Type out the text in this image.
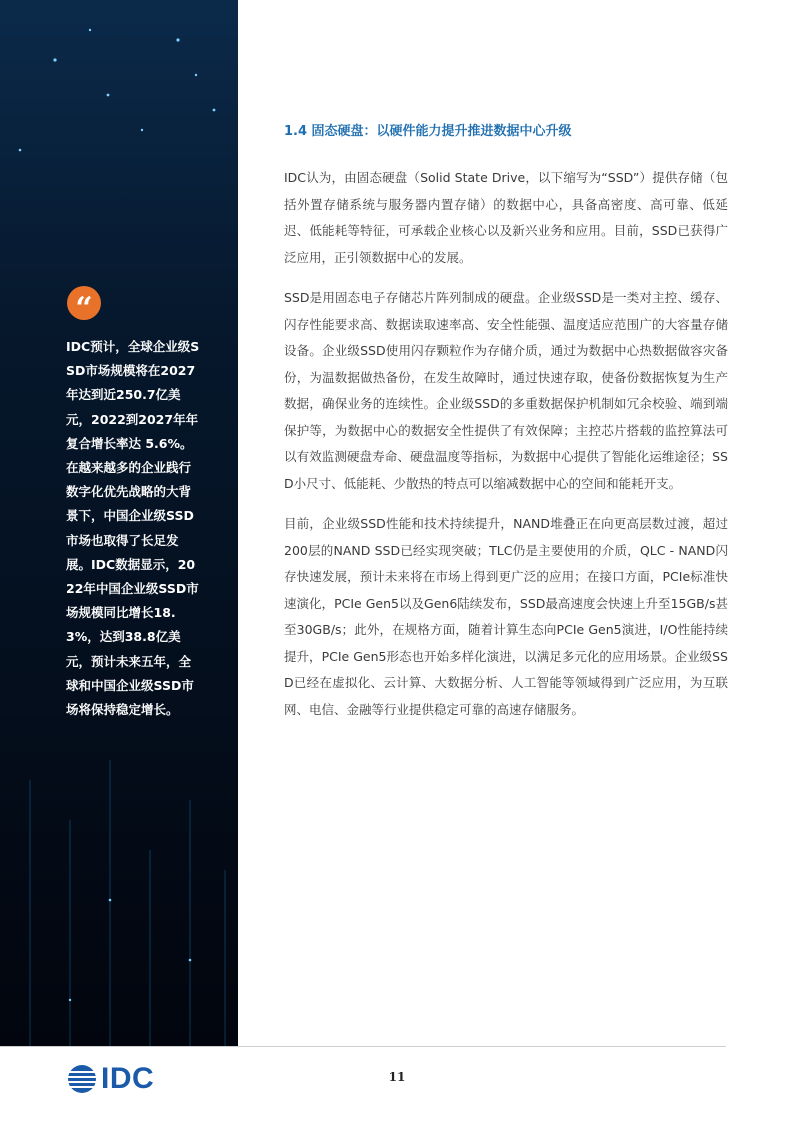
“
IDC预计，全球企业级SSD市场规模将在2027年达到近250.7亿美元，2022到2027年年复合增长率达 5.6%。在越来越多的企业践行数字化优先战略的大背景下，中国企业级SSD市场也取得了长足发展。IDC数据显示，2022年中国企业级SSD市场规模同比增长18.3%，达到38.8亿美元，预计未来五年，全球和中国企业级SSD市场将保持稳定增长。
1.4 固态硬盘：以硬件能力提升推进数据中心升级

IDC认为，由固态硬盘（Solid State Drive，以下缩写为“SSD”）提供存储（包括外置存储系统与服务器内置存储）的数据中心，具备高密度、高可靠、低延迟、低能耗等特征，可承载企业核心以及新兴业务和应用。目前，SSD已获得广泛应用，正引领数据中心的发展。

SSD是用固态电子存储芯片阵列制成的硬盘。企业级SSD是一类对主控、缓存、闪存性能要求高、数据读取速率高、安全性能强、温度适应范围广的大容量存储设备。企业级SSD使用闪存颗粒作为存储介质，通过为数据中心热数据做容灾备份，为温数据做热备份，在发生故障时，通过快速存取，使备份数据恢复为生产数据，确保业务的连续性。企业级SSD的多重数据保护机制如冗余校验、端到端保护等，为数据中心的数据安全性提供了有效保障；主控芯片搭载的监控算法可以有效监测硬盘寿命、硬盘温度等指标，为数据中心提供了智能化运维途径；SSD小尺寸、低能耗、少散热的特点可以缩减数据中心的空间和能耗开支。

目前，企业级SSD性能和技术持续提升，NAND堆叠正在向更高层数过渡，超过200层的NAND SSD已经实现突破；TLC仍是主要使用的介质，QLC - NAND闪存快速发展，预计未来将在市场上得到更广泛的应用；在接口方面，PCIe标准快速演化，PCIe Gen5以及Gen6陆续发布，SSD最高速度会快速上升至15GB/s甚至30GB/s；此外，在规格方面，随着计算生态向PCIe Gen5演进，I/O性能持续提升，PCIe Gen5形态也开始多样化演进，以满足多元化的应用场景。企业级SSD已经在虚拟化、云计算、大数据分析、人工智能等领域得到广泛应用，为互联网、电信、金融等行业提供稳定可靠的高速存储服务。

IDC	11
